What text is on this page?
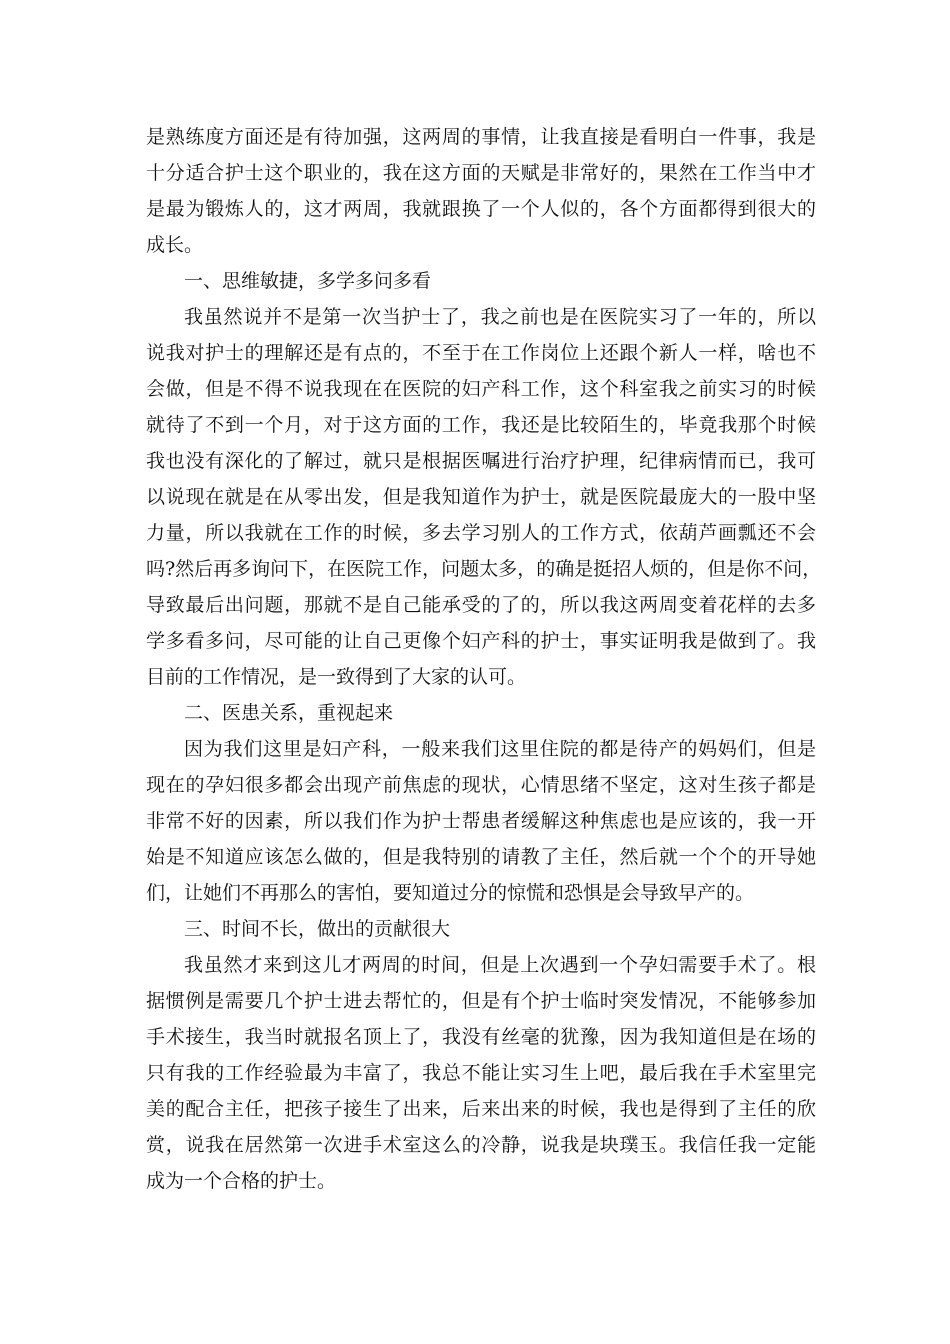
是熟练度方面还是有待加强，这两周的事情，让我直接是看明白一件事，我是
十分适合护士这个职业的，我在这方面的天赋是非常好的，果然在工作当中才
是最为锻炼人的，这才两周，我就跟换了一个人似的，各个方面都得到很大的
成长。
一、思维敏捷，多学多问多看
我虽然说并不是第一次当护士了，我之前也是在医院实习了一年的，所以
说我对护士的理解还是有点的，不至于在工作岗位上还跟个新人一样，啥也不
会做，但是不得不说我现在在医院的妇产科工作，这个科室我之前实习的时候
就待了不到一个月，对于这方面的工作，我还是比较陌生的，毕竟我那个时候
我也没有深化的了解过，就只是根据医嘱进行治疗护理，纪律病情而已，我可
以说现在就是在从零出发，但是我知道作为护士，就是医院最庞大的一股中坚
力量，所以我就在工作的时候，多去学习别人的工作方式，依葫芦画瓢还不会
吗?然后再多询问下，在医院工作，问题太多，的确是挺招人烦的，但是你不问，
导致最后出问题，那就不是自己能承受的了的，所以我这两周变着花样的去多
学多看多问，尽可能的让自己更像个妇产科的护士，事实证明我是做到了。我
目前的工作情况，是一致得到了大家的认可。
二、医患关系，重视起来
因为我们这里是妇产科，一般来我们这里住院的都是待产的妈妈们，但是
现在的孕妇很多都会出现产前焦虑的现状，心情思绪不坚定，这对生孩子都是
非常不好的因素，所以我们作为护士帮患者缓解这种焦虑也是应该的，我一开
始是不知道应该怎么做的，但是我特别的请教了主任，然后就一个个的开导她
们，让她们不再那么的害怕，要知道过分的惊慌和恐惧是会导致早产的。
三、时间不长，做出的贡献很大
我虽然才来到这儿才两周的时间，但是上次遇到一个孕妇需要手术了。根
据惯例是需要几个护士进去帮忙的，但是有个护士临时突发情况，不能够参加
手术接生，我当时就报名顶上了，我没有丝毫的犹豫，因为我知道但是在场的
只有我的工作经验最为丰富了，我总不能让实习生上吧，最后我在手术室里完
美的配合主任，把孩子接生了出来，后来出来的时候，我也是得到了主任的欣
赏，说我在居然第一次进手术室这么的冷静，说我是块璞玉。我信任我一定能
成为一个合格的护士。
